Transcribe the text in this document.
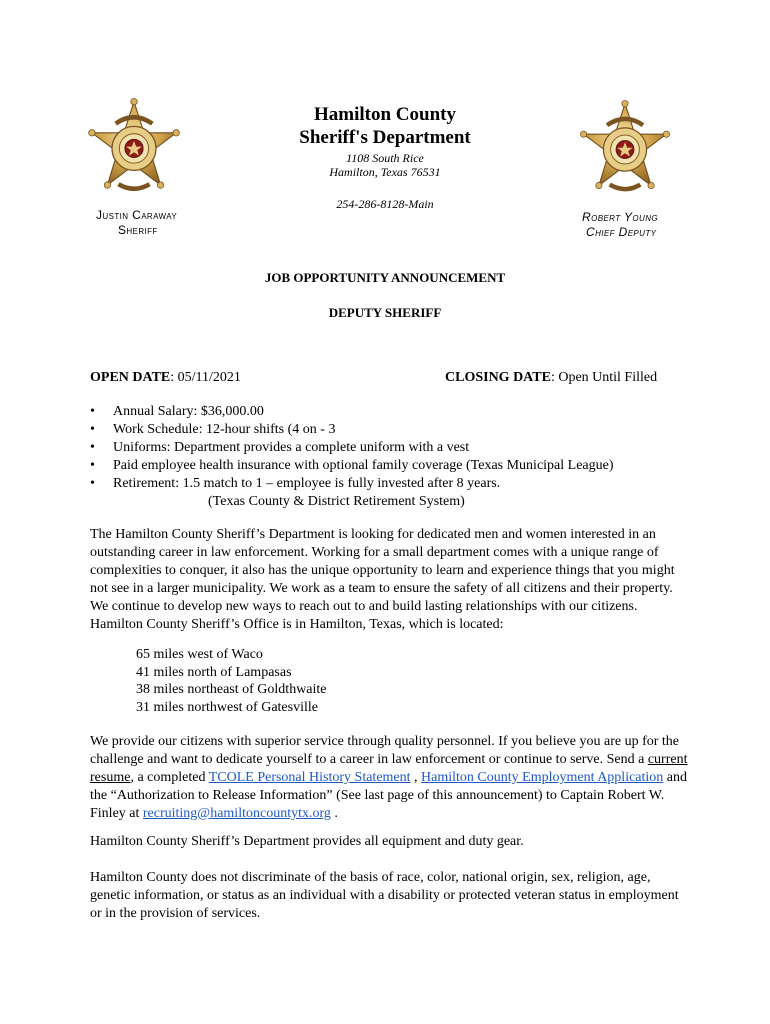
Hamilton County
Sheriff's Department
1108 South Rice
Hamilton, Texas 76531
254-286-8128-Main
Justin Caraway
Sheriff
Robert Young
Chief Deputy
JOB OPPORTUNITY ANNOUNCEMENT
DEPUTY SHERIFF
OPEN DATE: 05/11/2021	CLOSING DATE: Open Until Filled
• Annual Salary: $36,000.00
• Work Schedule: 12-hour shifts (4 on - 3
• Uniforms: Department provides a complete uniform with a vest
• Paid employee health insurance with optional family coverage (Texas Municipal League)
• Retirement: 1.5 match to 1 – employee is fully invested after 8 years.
(Texas County & District Retirement System)
The Hamilton County Sheriff’s Department is looking for dedicated men and women interested in an outstanding career in law enforcement. Working for a small department comes with a unique range of complexities to conquer, it also has the unique opportunity to learn and experience things that you might not see in a larger municipality. We work as a team to ensure the safety of all citizens and their property. We continue to develop new ways to reach out to and build lasting relationships with our citizens. Hamilton County Sheriff’s Office is in Hamilton, Texas, which is located:
65 miles west of Waco
41 miles north of Lampasas
38 miles northeast of Goldthwaite
31 miles northwest of Gatesville
We provide our citizens with superior service through quality personnel. If you believe you are up for the challenge and want to dedicate yourself to a career in law enforcement or continue to serve. Send a current resume, a completed TCOLE Personal History Statement , Hamilton County Employment Application and the “Authorization to Release Information” (See last page of this announcement) to Captain Robert W. Finley at recruiting@hamiltoncountytx.org .
Hamilton County Sheriff’s Department provides all equipment and duty gear.
Hamilton County does not discriminate of the basis of race, color, national origin, sex, religion, age, genetic information, or status as an individual with a disability or protected veteran status in employment or in the provision of services.
